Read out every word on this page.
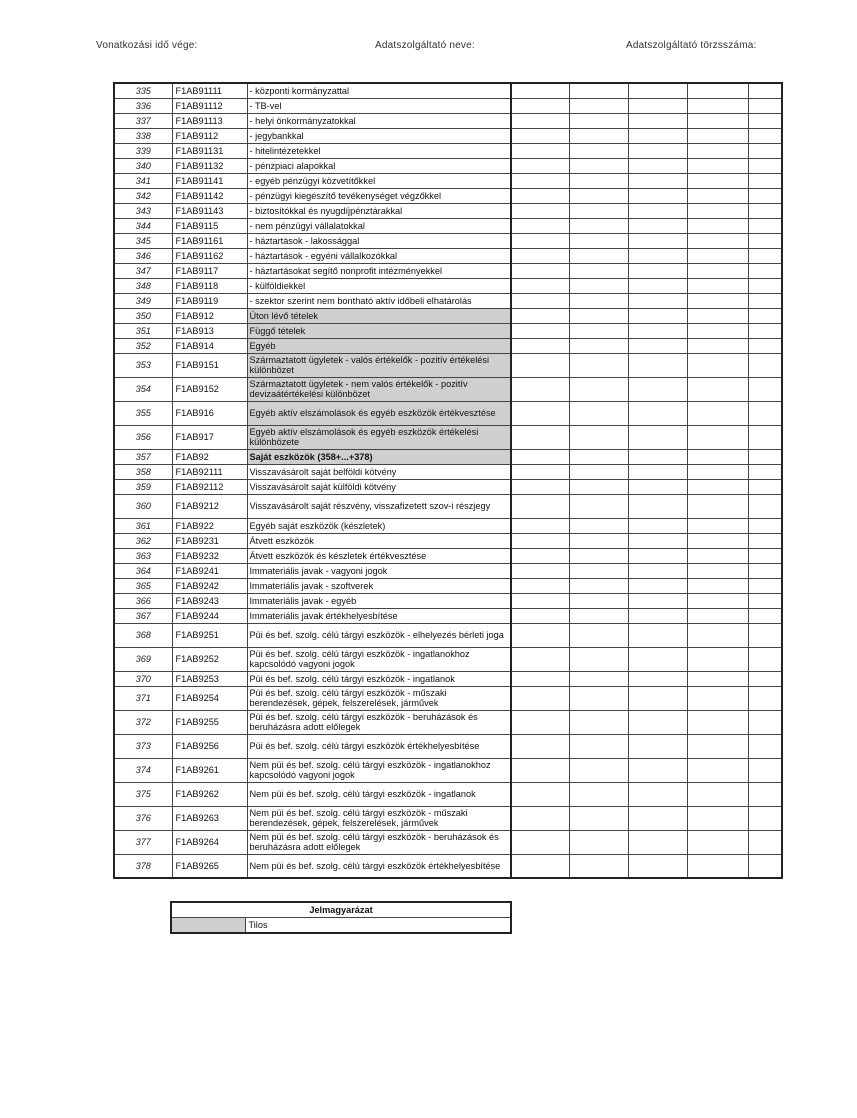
Vonatkozási idő vége:	Adatszolgáltató neve:	Adatszolgáltató törzsszáma:
335	F1AB91111	- központi kormányzattal					
336	F1AB91112	- TB-vel					
337	F1AB91113	- helyi önkormányzatokkal					
338	F1AB9112	- jegybankkal					
339	F1AB91131	- hitelintézetekkel					
340	F1AB91132	- pénzpiaci alapokkal					
341	F1AB91141	- egyéb pénzügyi közvetítőkkel					
342	F1AB91142	- pénzügyi kiegészítő tevékenységet végzőkkel					
343	F1AB91143	- biztosítókkal és nyugdíjpénztárakkal					
344	F1AB9115	- nem pénzügyi vállalatokkal					
345	F1AB91161	- háztartások - lakossággal					
346	F1AB91162	- háztartások - egyéni vállalkozókkal					
347	F1AB9117	- háztartásokat segítő nonprofit intézményekkel					
348	F1AB9118	- külföldiekkel					
349	F1AB9119	- szektor szerint nem bontható aktív időbeli elhatárolás					
350	F1AB912	Úton lévő tételek					
351	F1AB913	Függő tételek					
352	F1AB914	Egyéb					
353	F1AB9151	Származtatott ügyletek - valós értékelők - pozitív értékelési különbözet					
354	F1AB9152	Származtatott ügyletek - nem valós értékelők - pozitív devizaátértékelési különbözet					
355	F1AB916	Egyéb aktív elszámolások és egyéb eszközök értékvesztése					
356	F1AB917	Egyéb aktív elszámolások és egyéb eszközök értékelési különbözete					
357	F1AB92	Saját eszközök (358+...+378)					
358	F1AB92111	Visszavásárolt saját belföldi kötvény					
359	F1AB92112	Visszavásárolt saját külföldi kötvény					
360	F1AB9212	Visszavásárolt saját részvény, visszafizetett szov-i részjegy					
361	F1AB922	Egyéb saját eszközök (készletek)					
362	F1AB9231	Átvett eszközök					
363	F1AB9232	Átvett eszközök és készletek értékvesztése					
364	F1AB9241	Immateriális javak - vagyoni jogok					
365	F1AB9242	Immateriális javak - szoftverek					
366	F1AB9243	Immateriális javak - egyéb					
367	F1AB9244	Immateriális javak értékhelyesbítése					
368	F1AB9251	Püi és bef. szolg. célú tárgyi eszközök - elhelyezés bérleti joga					
369	F1AB9252	Püi és bef. szolg. célú tárgyi eszközök - ingatlanokhoz kapcsolódó vagyoni jogok					
370	F1AB9253	Püi és bef. szolg. célú tárgyi eszközök - ingatlanok					
371	F1AB9254	Püi és bef. szolg. célú tárgyi eszközök - műszaki berendezések, gépek, felszerelések, járművek					
372	F1AB9255	Püi és bef. szolg. célú tárgyi eszközök - beruházások és beruházásra adott előlegek					
373	F1AB9256	Püi és bef. szolg. célú tárgyi eszközök értékhelyesbítése					
374	F1AB9261	Nem püi és bef. szolg. célú tárgyi eszközök - ingatlanokhoz kapcsolódó vagyoni jogok					
375	F1AB9262	Nem püi és bef. szolg. célú tárgyi eszközök - ingatlanok					
376	F1AB9263	Nem püi és bef. szolg. célú tárgyi eszközök - műszaki berendezések, gépek, felszerelések, járművek					
377	F1AB9264	Nem püi és bef. szolg. célú tárgyi eszközök - beruházások és beruházásra adott előlegek					
378	F1AB9265	Nem püi és bef. szolg. célú tárgyi eszközök értékhelyesbítése					
Jelmagyarázat
	Tilos
